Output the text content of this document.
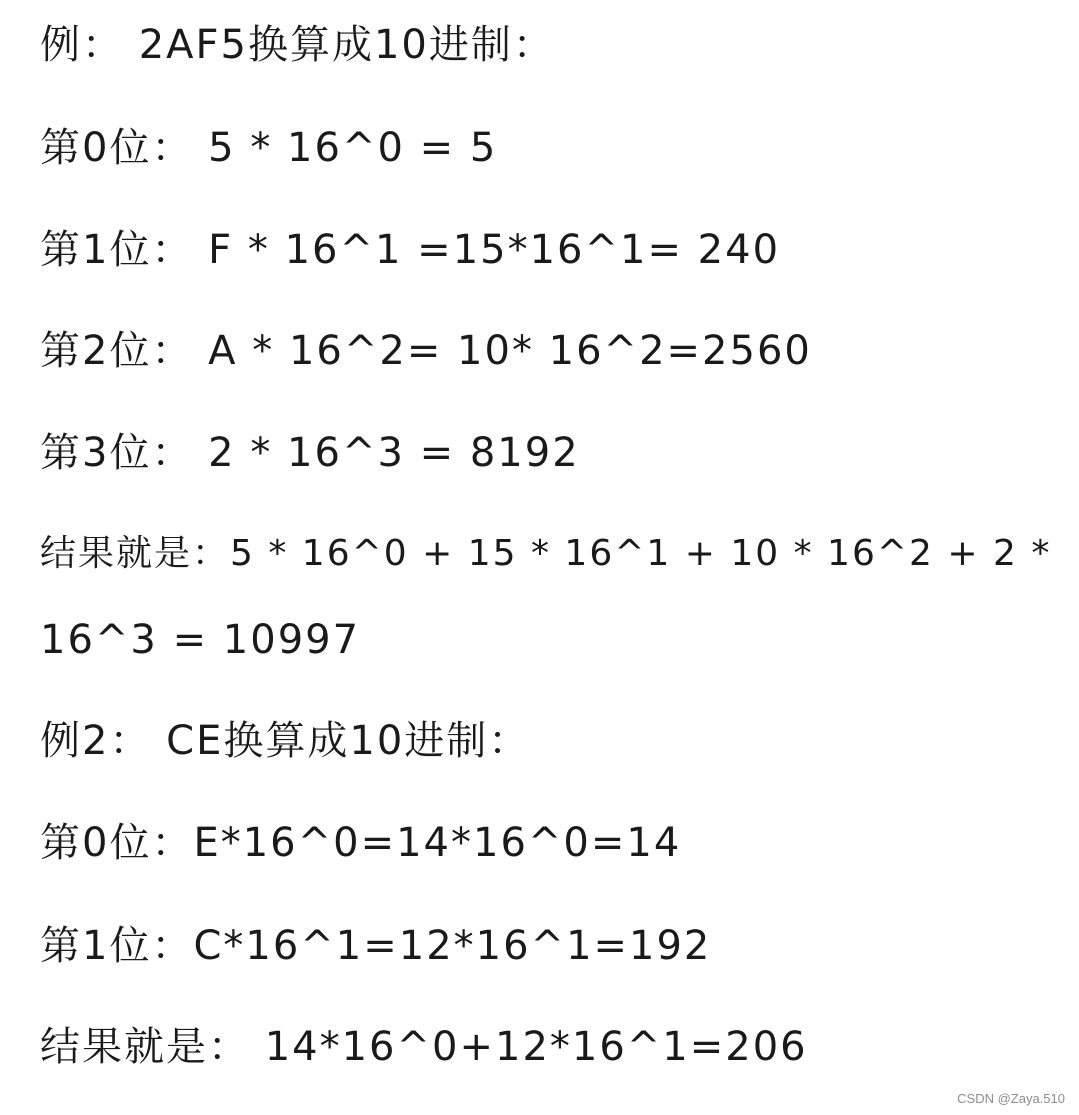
例： 2AF5换算成10进制：
第0位： 5 * 16^0 = 5
第1位： F * 16^1 =15*16^1= 240
第2位： A * 16^2= 10* 16^2=2560
第3位： 2 * 16^3 = 8192
结果就是：5 * 16^0 + 15 * 16^1 + 10 * 16^2 + 2 *
16^3 = 10997
例2： CE换算成10进制：
第0位：E*16^0=14*16^0=14
第1位：C*16^1=12*16^1=192
结果就是： 14*16^0+12*16^1=206
CSDN @Zaya.510
